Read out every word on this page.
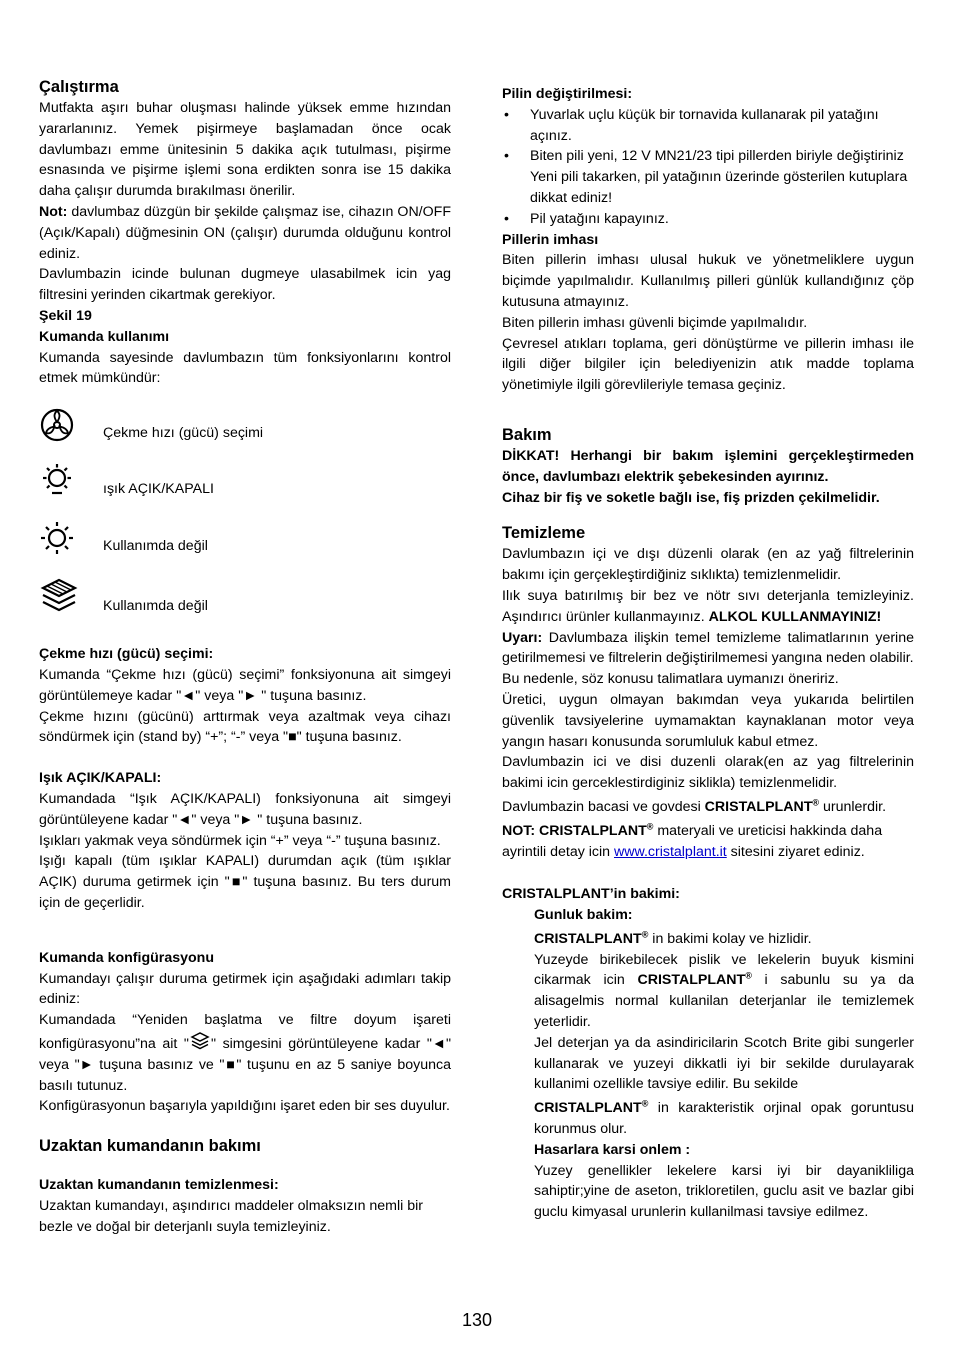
Çalıştırma

Mutfakta aşırı buhar oluşması halinde yüksek emme hızından yararlanınız. Yemek pişirmeye başlamadan önce ocak davlumbazı emme ünitesinin 5 dakika açık tutulması, pişirme esnasında ve pişirme işlemi sona erdikten sonra ise 15 dakika daha çalışır durumda bırakılması önerilir.

Not: davlumbaz düzgün bir şekilde çalışmaz ise, cihazın ON/OFF (Açık/Kapalı) düğmesinin ON (çalışır) durumda olduğunu kontrol ediniz.

Davlumbazin icinde bulunan dugmeye ulasabilmek icin yag filtresini yerinden cikartmak gerekiyor.

Şekil 19

Kumanda kullanımı

Kumanda sayesinde davlumbazın tüm fonksiyonlarını kontrol etmek mümkündür:

Çekme hızı (gücü) seçimi
ışık AÇIK/KAPALI
Kullanımda değil
Kullanımda değil

Çekme hızı (gücü) seçimi:

Kumanda “Çekme hızı (gücü) seçimi” fonksiyonuna ait simgeyi görüntülemeye kadar "◄" veya "► " tuşuna basınız.

Çekme hızını (gücünü) arttırmak veya azaltmak veya cihazı söndürmek için (stand by) “+”; “-” veya "■" tuşuna basınız.

Işık AÇIK/KAPALI:

Kumandada “Işık AÇIK/KAPALI) fonksiyonuna ait simgeyi görüntüleyene kadar "◄" veya "► " tuşuna basınız.

Işıkları yakmak veya söndürmek için “+” veya “-” tuşuna basınız.

Işığı kapalı (tüm ışıklar KAPALI) durumdan açık (tüm ışıklar AÇIK) duruma getirmek için "■" tuşuna basınız. Bu ters durum için de geçerlidir.

Kumanda konfigürasyonu

Kumandayı çalışır duruma getirmek için aşağıdaki adımları takip ediniz:

Kumandada “Yeniden başlatma ve filtre doyum işareti konfigürasyonu”na ait " " simgesini görüntüleyene kadar "◄" veya "► tuşuna basınız ve "■" tuşunu en az 5 saniye boyunca basılı tutunuz.

Konfigürasyonun başarıyla yapıldığını işaret eden bir ses duyulur.

Uzaktan kumandanın bakımı

Uzaktan kumandanın temizlenmesi:

Uzaktan kumandayı, aşındırıcı maddeler olmaksızın nemli bir bezle ve doğal bir deterjanlı suyla temizleyiniz.

Pilin değiştirilmesi:

• Yuvarlak uçlu küçük bir tornavida kullanarak pil yatağını açınız.
• Biten pili yeni, 12 V MN21/23 tipi pillerden biriyle değiştiriniz
Yeni pili takarken, pil yatağının üzerinde gösterilen kutuplara dikkat ediniz!
• Pil yatağını kapayınız.

Pillerin imhası

Biten pillerin imhası ulusal hukuk ve yönetmeliklere uygun biçimde yapılmalıdır. Kullanılmış pilleri günlük kullandığınız çöp kutusuna atmayınız.

Biten pillerin imhası güvenli biçimde yapılmalıdır.

Çevresel atıkları toplama, geri dönüştürme ve pillerin imhası ile ilgili diğer bilgiler için belediyenizin atık madde toplama yönetimiyle ilgili görevlileriyle temasa geçiniz.

Bakım

DİKKAT! Herhangi bir bakım işlemini gerçekleştirmeden önce, davlumbazı elektrik şebekesinden ayırınız.

Cihaz bir fiş ve soketle bağlı ise, fiş prizden çekilmelidir.

Temizleme

Davlumbazın içi ve dışı düzenli olarak (en az yağ filtrelerinin bakımı için gerçekleştirdiğiniz sıklıkta) temizlenmelidir.

Ilık suya batırılmış bir bez ve nötr sıvı deterjanla temizleyiniz. Aşındırıcı ürünler kullanmayınız. ALKOL KULLANMAYINIZ!

Uyarı: Davlumbaza ilişkin temel temizleme talimatlarının yerine getirilmemesi ve filtrelerin değiştirilmemesi yangına neden olabilir.

Bu nedenle, söz konusu talimatlara uymanızı öneririz.

Üretici, uygun olmayan bakımdan veya yukarıda belirtilen güvenlik tavsiyelerine uymamaktan kaynaklanan motor veya yangın hasarı konusunda sorumluluk kabul etmez.

Davlumbazin ici ve disi duzenli olarak(en az yag filtrelerinin bakimi icin gerceklestirdiginiz siklikla) temizlenmelidir.

Davlumbazin bacasi ve govdesi CRISTALPLANT® urunlerdir.

NOT: CRISTALPLANT® materyali ve ureticisi hakkinda daha ayrintili detay icin www.cristalplant.it sitesini ziyaret ediniz.

CRISTALPLANT’in bakimi:

Gunluk bakim:

CRISTALPLANT® in bakimi kolay ve hizlidir.

Yuzeyde birikebilecek pislik ve lekelerin buyuk kismini cikarmak icin CRISTALPLANT® i sabunlu su ya da alisagelmis normal kullanilan deterjanlar ile temizlemek yeterlidir.

Jel deterjan ya da asindiricilarin Scotch Brite gibi sungerler kullanarak ve yuzeyi dikkatli iyi bir sekilde durulayarak kullanimi ozellikle tavsiye edilir. Bu sekilde

CRISTALPLANT® in karakteristik orjinal opak goruntusu korunmus olur.

Hasarlara karsi onlem :

Yuzey genellikler lekelere karsi iyi bir dayanikliliga sahiptir;yine de aseton, trikloretilen, guclu asit ve bazlar gibi guclu kimyasal urunlerin kullanilmasi tavsiye edilmez.

130
